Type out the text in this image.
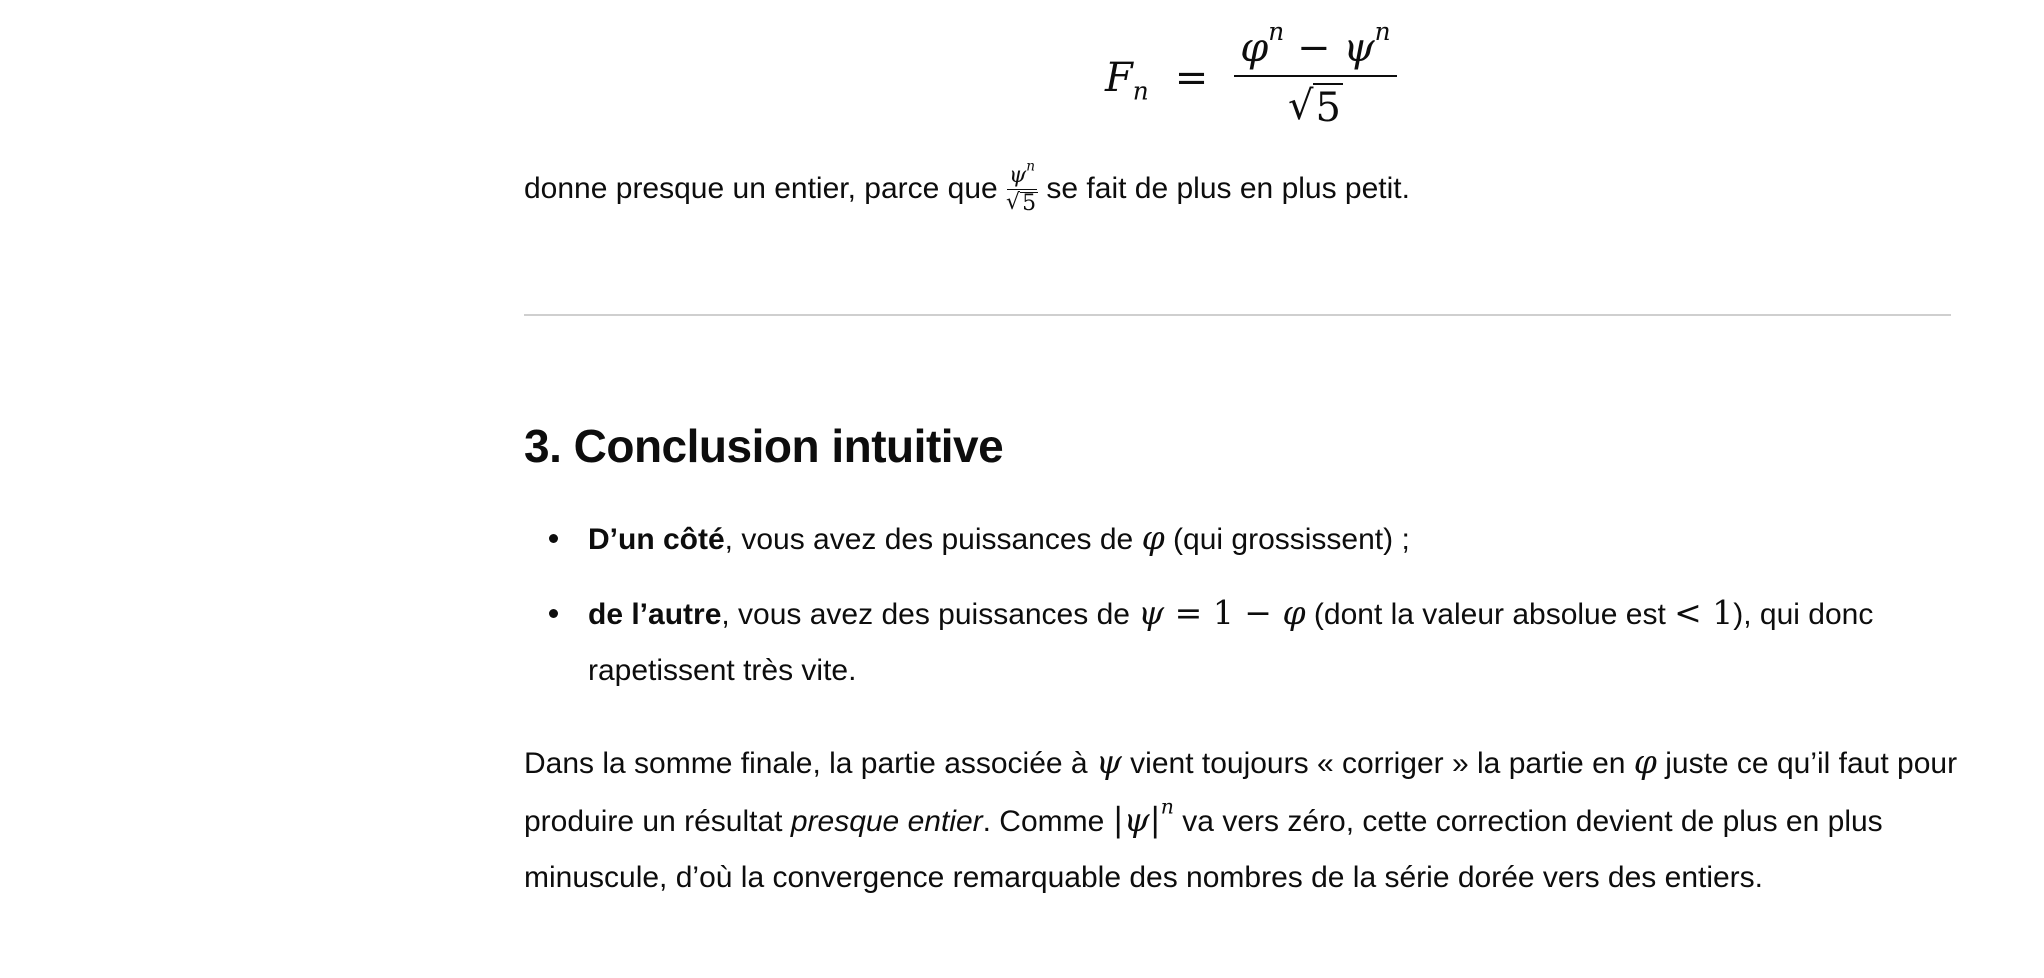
$F_n = \frac{\varphi^n - \psi^n}{√ 5}$
donne presque un entier, parce que $\frac{\psi^n}{√ 5}$ se fait de plus en plus petit.
3. Conclusion intuitive
D’un côté, vous avez des puissances de φ (qui grossissent) ;
de l’autre, vous avez des puissances de ψ = 1 − φ (dont la valeur absolue est < 1), qui donc rapetissent très vite.

Dans la somme finale, la partie associée à ψ vient toujours « corriger » la partie en φ juste ce qu’il faut pour produire un résultat presque entier. Comme $|\psi|^n$ va vers zéro, cette correction devient de plus en plus minuscule, d’où la convergence remarquable des nombres de la série dorée vers des entiers.
